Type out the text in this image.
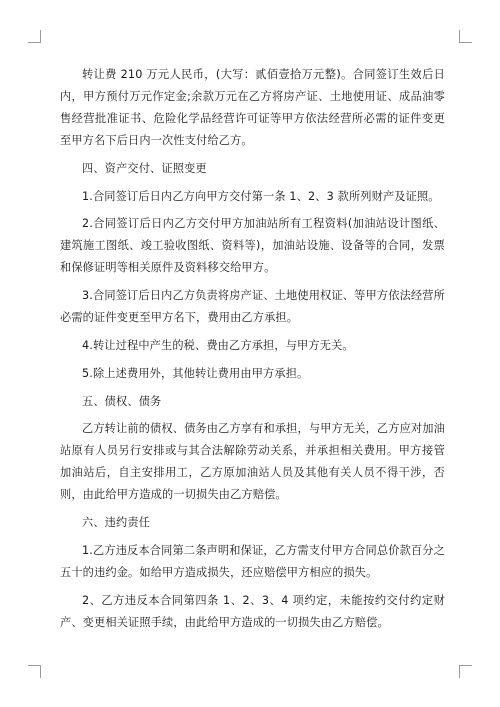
转让费 210 万元人民币，(大写：贰佰壹拾万元整)。合同签订生效后日内，甲方预付万元作定金;余款万元在乙方将房产证、土地使用证、成品油零售经营批准证书、危险化学品经营许可证等甲方依法经营所必需的证件变更至甲方名下后日内一次性支付给乙方。

四、资产交付、证照变更

1.合同签订后日内乙方向甲方交付第一条 1、2、3 款所列财产及证照。

2.合同签订后日内乙方交付甲方加油站所有工程资料(加油站设计图纸、建筑施工图纸、竣工验收图纸、资料等)，加油站设施、设备等的合同，发票和保修证明等相关原件及资料移交给甲方。

3.合同签订后日内乙方负责将房产证、土地使用权证、等甲方依法经营所必需的证件变更至甲方名下，费用由乙方承担。

4.转让过程中产生的税、费由乙方承担，与甲方无关。

5.除上述费用外，其他转让费用由甲方承担。

五、债权、债务

乙方转让前的债权、债务由乙方享有和承担，与甲方无关，乙方应对加油站原有人员另行安排或与其合法解除劳动关系，并承担相关费用。甲方接管加油站后，自主安排用工，乙方原加油站人员及其他有关人员不得干涉，否则，由此给甲方造成的一切损失由乙方赔偿。

六、违约责任

1.乙方违反本合同第二条声明和保证，乙方需支付甲方合同总价款百分之五十的违约金。如给甲方造成损失，还应赔偿甲方相应的损失。

2、乙方违反本合同第四条 1、2、3、4 项约定，未能按约交付约定财产、变更相关证照手续，由此给甲方造成的一切损失由乙方赔偿。
